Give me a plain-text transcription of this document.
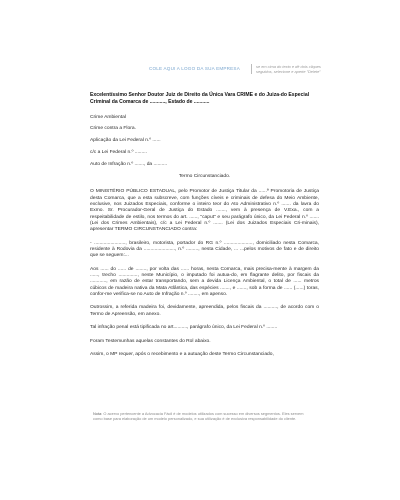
COLE AQUI A LOGO DA SUA EMPRESA	se em cima do texto e dê dois cliques seguidos, selecione e aperte "Delete"
Excelentíssimo Senhor Doutor Juiz de Direito da Única Vara CRIME e do Juiza-do Especial Criminal da Comarca de ..........., Estado de ...........
Crime Ambiental
Crime contra a Flora.
Aplicação da Lei Federal n.º ......
c/c a Lei Federal n.º .........
Auto de Infração n.º ......., da ..........
Termo Circunstanciado.
O MINISTÉRIO PÚBLICO ESTADUAL, pelo Promotor de Justiça Titular da ......ª Promotoria de Justiça desta Comarca, que a esta subscreve, com funções cíveis e criminais de defesa do Meio Ambiente, exclusive, nos Juizados Especiais, conforme o inteiro teor do Ato Administrativo n.º ....... da lavra do Exmo. Sr. Procurador-Geral de Justiça do Estado ......., vem à presença de V.Exa., com a respeitabilidade de estilo, nos termos do art. ......, "caput" e seu parágrafo único, da Lei Federal n.º ....... (Lei dos Crimes Ambientais), c/c a Lei Federal n.º ....... (Lei dos Juizados Especiais Cri-minais), apresentar TERMO CIRCUNSTANCIADO contra:
- ......................., brasileiro, motorista, portador do RG n.º ....................., domiciliado nesta Comarca, residente à Rodovia da ......................., n.º ........., nesta Cidade, ... ...pelos motivos de fato e de direito que se seguem:...
Aos ...... do ...... de ........, por volta das ...... horas, nesta Comarca, mais precisa-mente à margem da ......, trecho .............., neste Município, o imputado foi autua-do, em flagrante delito, por fiscais da ............, em razão de estar transportando, sem a devida Licença Ambiental, o total de ...... metros cúbicos de madeira nativa da Mata Atlântica, das espécies ......., e ......., sob a forma de ...... (......) toras, confor-me verifica-se no Auto de Infração n.º ........, em apenso.
Outrossim, a referida madeira foi, devidamente, apreendida, pelos fiscais da .........., de acordo com o Termo de Apreensão, em anexo.
Tal infração penal está tipificada no art.........., parágrafo único, da Lei Federal n.º ........
Foram Testemunhas aquelas constantes do Rol abaixo.
Assim, o MP requer, após o recebimento e a autuação deste Termo Circunstanciado,
Nota: O acervo pertencente a Advocacia Fácil é de modelos utilizados com sucesso em diversos segmentos. Eles servem como base para elaboração de um modelo personalizado, e sua utilização é de exclusiva responsabilidade do cliente.
